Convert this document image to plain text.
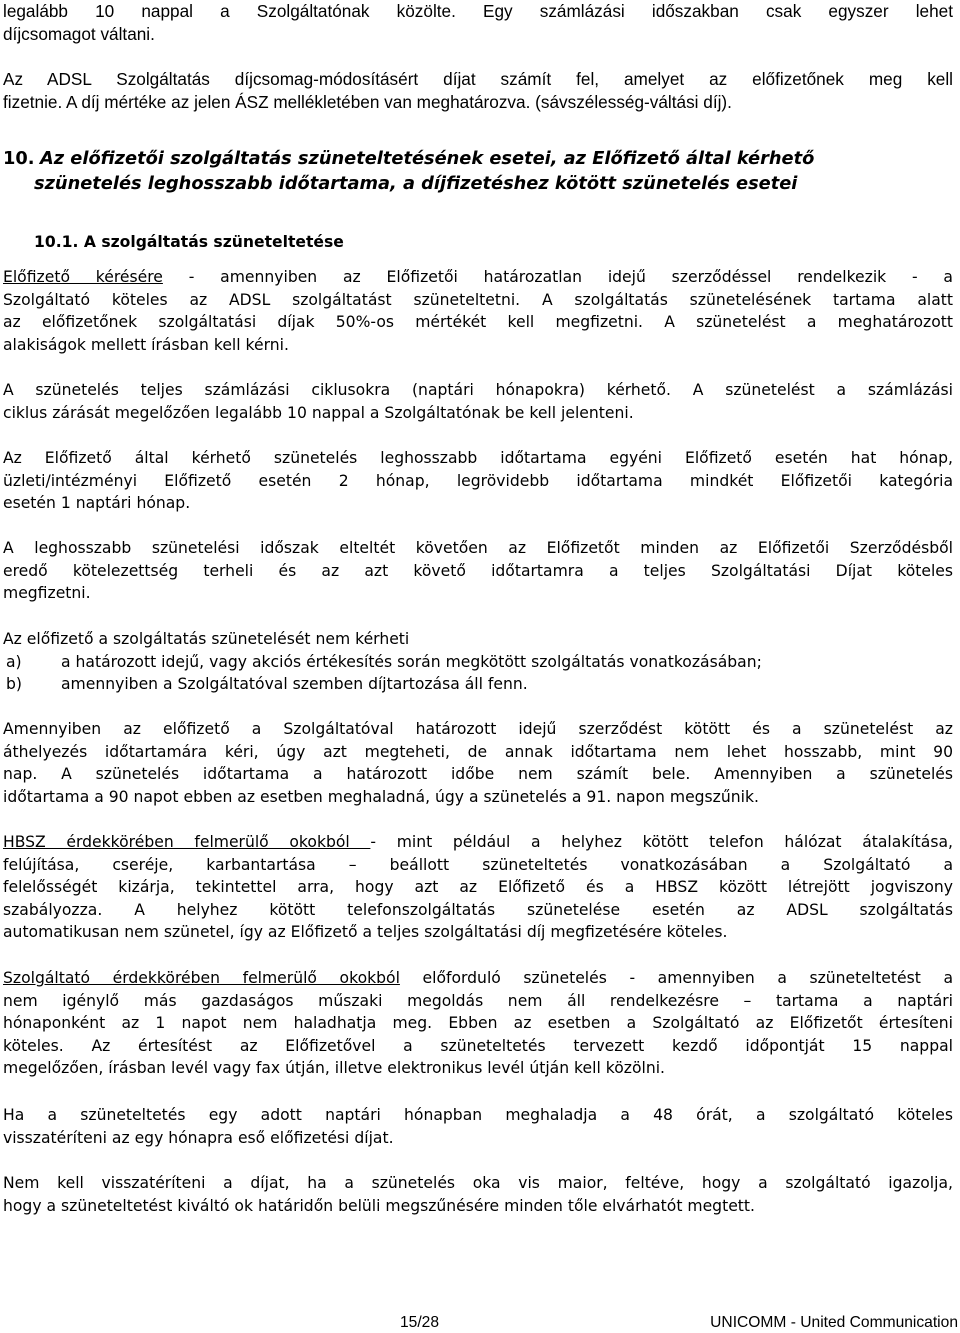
legalább 10 nappal a Szolgáltatónak közölte. Egy számlázási időszakban csak egyszer lehet
díjcsomagot váltani.
Az ADSL Szolgáltatás díjcsomag-módosításért díjat számít fel, amelyet az előfizetőnek meg kell
fizetnie. A díj mértéke az jelen ÁSZ mellékletében van meghatározva. (sávszélesség-váltási díj).
10. Az előfizetői szolgáltatás szüneteltetésének esetei, az Előfizető által kérhető
szünetelés leghosszabb időtartama, a díjfizetéshez kötött szünetelés esetei
10.1. A szolgáltatás szüneteltetése
Előfizető kérésére - amennyiben az Előfizetői határozatlan idejű szerződéssel rendelkezik - a
Szolgáltató köteles az ADSL szolgáltatást szüneteltetni. A szolgáltatás szünetelésének tartama alatt
az előfizetőnek szolgáltatási díjak 50%-os mértékét kell megfizetni. A szünetelést a meghatározott
alakiságok mellett írásban kell kérni.
A szünetelés teljes számlázási ciklusokra (naptári hónapokra) kérhető. A szünetelést a számlázási
ciklus zárását megelőzően legalább 10 nappal a Szolgáltatónak be kell jelenteni.
Az Előfizető által kérhető szünetelés leghosszabb időtartama egyéni Előfizető esetén hat hónap,
üzleti/intézményi Előfizető esetén 2 hónap, legrövidebb időtartama mindkét Előfizetői kategória
esetén 1 naptári hónap.
A leghosszabb szünetelési időszak elteltét követően az Előfizetőt minden az Előfizetői Szerződésből
eredő kötelezettség terheli és az azt követő időtartamra a teljes Szolgáltatási Díjat köteles
megfizetni.
Az előfizető a szolgáltatás szünetelését nem kérheti
a)	a határozott idejű, vagy akciós értékesítés során megkötött szolgáltatás vonatkozásában;
b)	amennyiben a Szolgáltatóval szemben díjtartozása áll fenn.
Amennyiben az előfizető a Szolgáltatóval határozott idejű szerződést kötött és a szünetelést az
áthelyezés időtartamára kéri, úgy azt megteheti, de annak időtartama nem lehet hosszabb, mint 90
nap. A szünetelés időtartama a határozott időbe nem számít bele. Amennyiben a szünetelés
időtartama a 90 napot ebben az esetben meghaladná, úgy a szünetelés a 91. napon megszűnik.
HBSZ érdekkörében felmerülő okokból - mint például a helyhez kötött telefon hálózat átalakítása,
felújítása, cseréje, karbantartása – beállott szüneteltetés vonatkozásában a Szolgáltató a
felelősségét kizárja, tekintettel arra, hogy azt az Előfizető és a HBSZ között létrejött jogviszony
szabályozza. A helyhez kötött telefonszolgáltatás szünetelése esetén az ADSL szolgáltatás
automatikusan nem szünetel, így az Előfizető a teljes szolgáltatási díj megfizetésére köteles.
Szolgáltató érdekkörében felmerülő okokból előforduló szünetelés - amennyiben a szüneteltetést a
nem igénylő más gazdaságos műszaki megoldás nem áll rendelkezésre – tartama a naptári
hónaponként az 1 napot nem haladhatja meg. Ebben az esetben a Szolgáltató az Előfizetőt értesíteni
köteles. Az értesítést az Előfizetővel a szüneteltetés tervezett kezdő időpontját 15 nappal
megelőzően, írásban levél vagy fax útján, illetve elektronikus levél útján kell közölni.
Ha a szüneteltetés egy adott naptári hónapban meghaladja a 48 órát, a szolgáltató köteles
visszatéríteni az egy hónapra eső előfizetési díjat.
Nem kell visszatéríteni a díjat, ha a szünetelés oka vis maior, feltéve, hogy a szolgáltató igazolja,
hogy a szüneteltetést kiváltó ok határidőn belüli megszűnésére minden tőle elvárhatót megtett.
15/28	UNICOMM - United Communication
